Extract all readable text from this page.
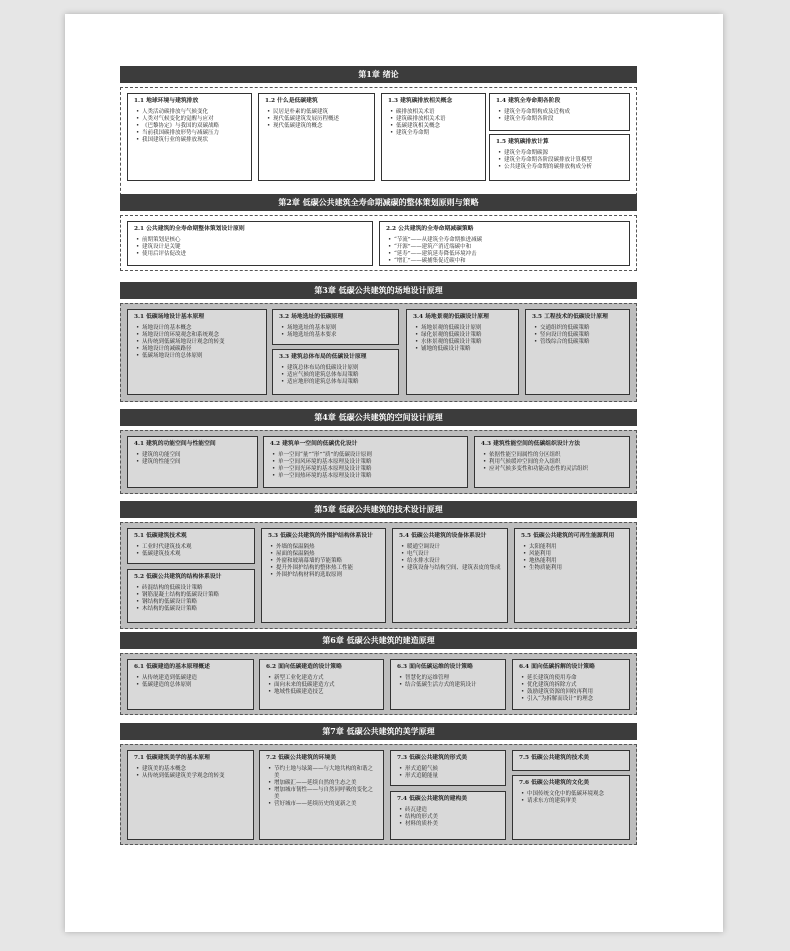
第1章 绪论
1.1 地球环境与建筑排放
• 人类活动碳排放与气候变化
• 人类对气候变化的觉醒与应对
• 《巴黎协定》与我国的双碳战略
• 当前我国碳排放形势与减碳压力
• 我国建筑行业的碳排放现状
1.2 什么是低碳建筑
• 民居是朴素的低碳建筑
• 现代低碳建筑发展历程概述
• 现代低碳建筑的概念
1.3 建筑碳排放相关概念
• 碳排放相关术语
• 建筑碳排放相关术语
• 低碳建筑相关概念
• 建筑全寿命期
1.4 建筑全寿命期各阶段
• 建筑全寿命期构成及近构成
• 建筑全寿命期各阶段
1.5 建筑碳排放计算
• 建筑全寿命期碳源
• 建筑全寿命期各阶段碳排放计算模型
• 公共建筑全寿命期的碳排放构成分析
第2章 低碳公共建筑全寿命期减碳的整体策划原则与策略
2.1 公共建筑的全寿命期整体策划设计原则
• 前期策划是核心
• 建筑设计是关键
• 使用后评估促改进
2.2 公共建筑的全寿命期减碳策略
• “节流”——从建筑全寿命期推进减碳
• “开源”——建筑产消近端碳中和
• “延寿”——建筑延寿降低环境冲击
• “增汇”——碳捕集促近碳中和
第3章 低碳公共建筑的场地设计原理
3.1 低碳场地设计基本原理
• 场地设计的基本概念
• 场地设计的环境观念和系统观念
• 从传统到低碳场地设计观念的转变
• 场地设计的减碳路径
• 低碳场地设计的总体原则
3.2 场地选址的低碳原理
• 场地选址的基本原则
• 场地选址的基本要求
3.3 建筑总体布局的低碳设计原理
• 建筑总体布局的低碳设计原则
• 适应气候的建筑总体布局策略
• 适应地形的建筑总体布局策略
3.4 场地景观的低碳设计原理
• 场地景观的低碳设计原则
• 绿化景观的低碳设计策略
• 水体景观的低碳设计策略
• 铺地的低碳设计策略
3.5 工程技术的低碳设计原理
• 交通组织的低碳策略
• 竖向设计的低碳策略
• 管线综合的低碳策略
第4章 低碳公共建筑的空间设计原理
4.1 建筑的功能空间与性能空间
• 建筑的功能空间
• 建筑的性能空间
4.2 建筑单一空间的低碳优化设计
• 单一空间“量”“形”“质”的低碳设计原则
• 单一空间风环境的基本原理及设计策略
• 单一空间光环境的基本原理及设计策略
• 单一空间热环境的基本原理及设计策略
4.3 建筑性能空间的低碳组织设计方法
• 依据性能空间属性的分区组织
• 利用气候缓冲空间的介入组织
• 应对气候多变性和功能动态性的灵活组织
第5章 低碳公共建筑的技术设计原理
5.1 低碳建筑技术观
• 工业时代建筑技术观
• 低碳建筑技术观
5.2 低碳公共建筑的结构体系设计
• 砖混结构的低碳设计策略
• 钢筋混凝土结构的低碳设计策略
• 钢结构的低碳设计策略
• 木结构的低碳设计策略
5.3 低碳公共建筑的外围护结构体系设计
• 外墙的保温隔热
• 屋面的保温隔热
• 外窗和玻璃幕墙的节能策略
• 提升外围护结构的整体热工性能
• 外围护结构材料的选取原则
5.4 低碳公共建筑的设备体系设计
• 暖通空调设计
• 电气设计
• 给水排水设计
• 建筑设备与结构空间、建筑表皮的集成
5.5 低碳公共建筑的可再生能源利用
• 太阳能利用
• 风能利用
• 地热能利用
• 生物质能利用
第6章 低碳公共建筑的建造原理
6.1 低碳建造的基本原理概述
• 从传统建造到低碳建造
• 低碳建造的总体原则
6.2 面向低碳建造的设计策略
• 新型工业化建造方式
• 面向未来的低碳建造方式
• 地域性低碳建造技艺
6.3 面向低碳运维的设计策略
• 智慧化的运维管理
• 结合低碳生活方式的建筑设计
6.4 面向低碳拆解的设计策略
• 延长建筑的使用寿命
• 优化建筑的拆除方式
• 鼓励建筑资源的回收再利用
• 引入“为拆解而设计”的理念
第7章 低碳公共建筑的美学原理
7.1 低碳建筑美学的基本原理
• 建筑美的基本概念
• 从传统到低碳建筑美学观念的转变
7.2 低碳公共建筑的环境美
• 节约土地与绿篱——与大地共构的和谐之美
• 增加碳汇——延续自然的生态之美
• 增加城市韧性——与自然同呼吸的变化之美
• 营好城市——延续历史的更新之美
7.3 低碳公共建筑的形式美
• 形式追随气候
• 形式追随能量
7.4 低碳公共建筑的建构美
• 砖瓦建造
• 结构的形式美
• 材料的质朴美
7.5 低碳公共建筑的技术美
7.6 低碳公共建筑的文化美
• 中国传统文化中的低碳环境观念
• 请求东方的建筑审美
